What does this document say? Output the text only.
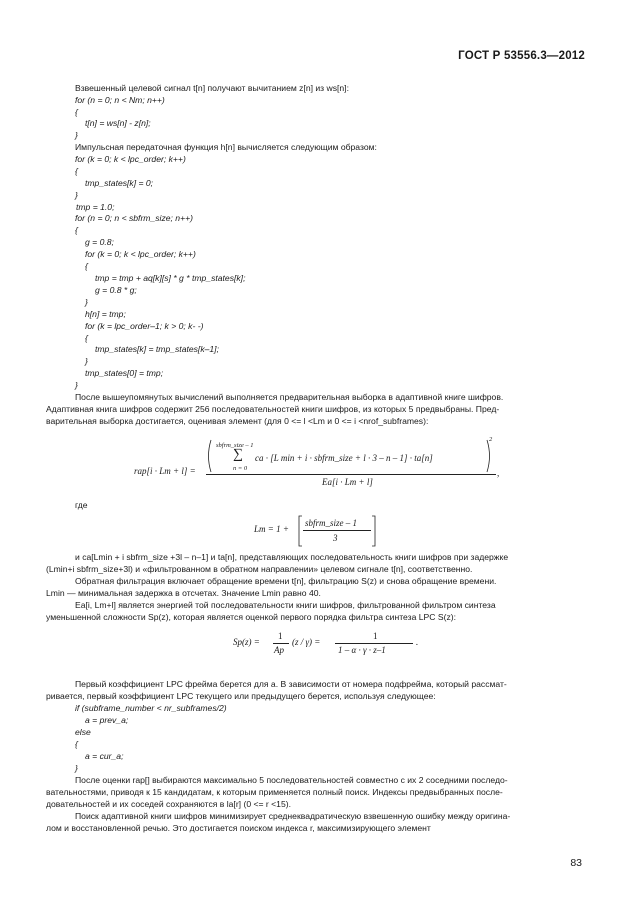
ГОСТ Р 53556.3—2012
Взвешенный целевой сигнал t[n] получают вычитанием z[n] из ws[n]:
for (n = 0; n < Nm; n++)
{
t[n] = ws[n] - z[n];
}
Импульсная передаточная функция h[n] вычисляется следующим образом:
for (k = 0; k < lpc_order; k++)
{
tmp_states[k] = 0;
}
tmp = 1.0;
for (n = 0; n < sbfrm_size; n++)
{
g = 0.8;
for (k = 0; k < lpc_order; k++)
{
tmp = tmp + aq[k][s] * g * tmp_states[k];
g = 0.8 * g;
}
h[n] = tmp;
for (k = lpc_order–1; k > 0; k- -)
{
tmp_states[k] = tmp_states[k–1];
}
tmp_states[0] = tmp;
}
После вышеупомянутых вычислений выполняется предварительная выборка в адаптивной книге шифров.
Адаптивная книга шифров содержит 256 последовательностей книги шифров, из которых 5 предвыбраны. Пред-
варительная выборка достигается, оценивая элемент (для 0 <= l <Lm и 0 <= i <nrof_subframes):
rap[i · Lm + l] =
sbfrm_size – 1
∑
n = 0
ca · [L min + i · sbfrm_size + l · 3 – n – 1] · ta[n]
2
Ea[i · Lm + l]
,
где
Lm = 1 +
sbfrm_size – 1
3
и ca[Lmin + i sbfrm_size +3l – n–1] и ta[n], представляющих последовательность книги шифров при задержке
(Lmin+i sbfrm_size+3l) и «фильтрованном в обратном направлении» целевом сигнале t[n], соответственно.
Обратная фильтрация включает обращение времени t[n], фильтрацию S(z) и снова обращение времени.
Lmin — минимальная задержка в отсчетах. Значение Lmin равно 40.
Ea[i, Lm+l] является энергией той последовательности книги шифров, фильтрованной фильтром синтеза
уменьшенной сложности Sp(z), которая является оценкой первого порядка фильтра синтеза LPC S(z):
Sp(z) =
1
Ap
(z / γ) =
1
1 – α · γ · z–1
.
Первый коэффициент LPC фрейма берется для a. В зависимости от номера подфрейма, который рассмат-
ривается, первый коэффициент LPC текущего или предыдущего берется, используя следующее:
if (subframe_number < nr_subframes/2)
a = prev_a;
else
{
a = cur_a;
}
После оценки rap[] выбираются максимально 5 последовательностей совместно с их 2 соседними последо-
вательностями, приводя к 15 кандидатам, к которым применяется полный поиск. Индексы предвыбранных после-
довательностей и их соседей сохраняются в la[r] (0 <= r <15).
Поиск адаптивной книги шифров минимизирует среднеквадратическую взвешенную ошибку между оригина-
лом и восстановленной речью. Это достигается поиском индекса r, максимизирующего элемент
83
